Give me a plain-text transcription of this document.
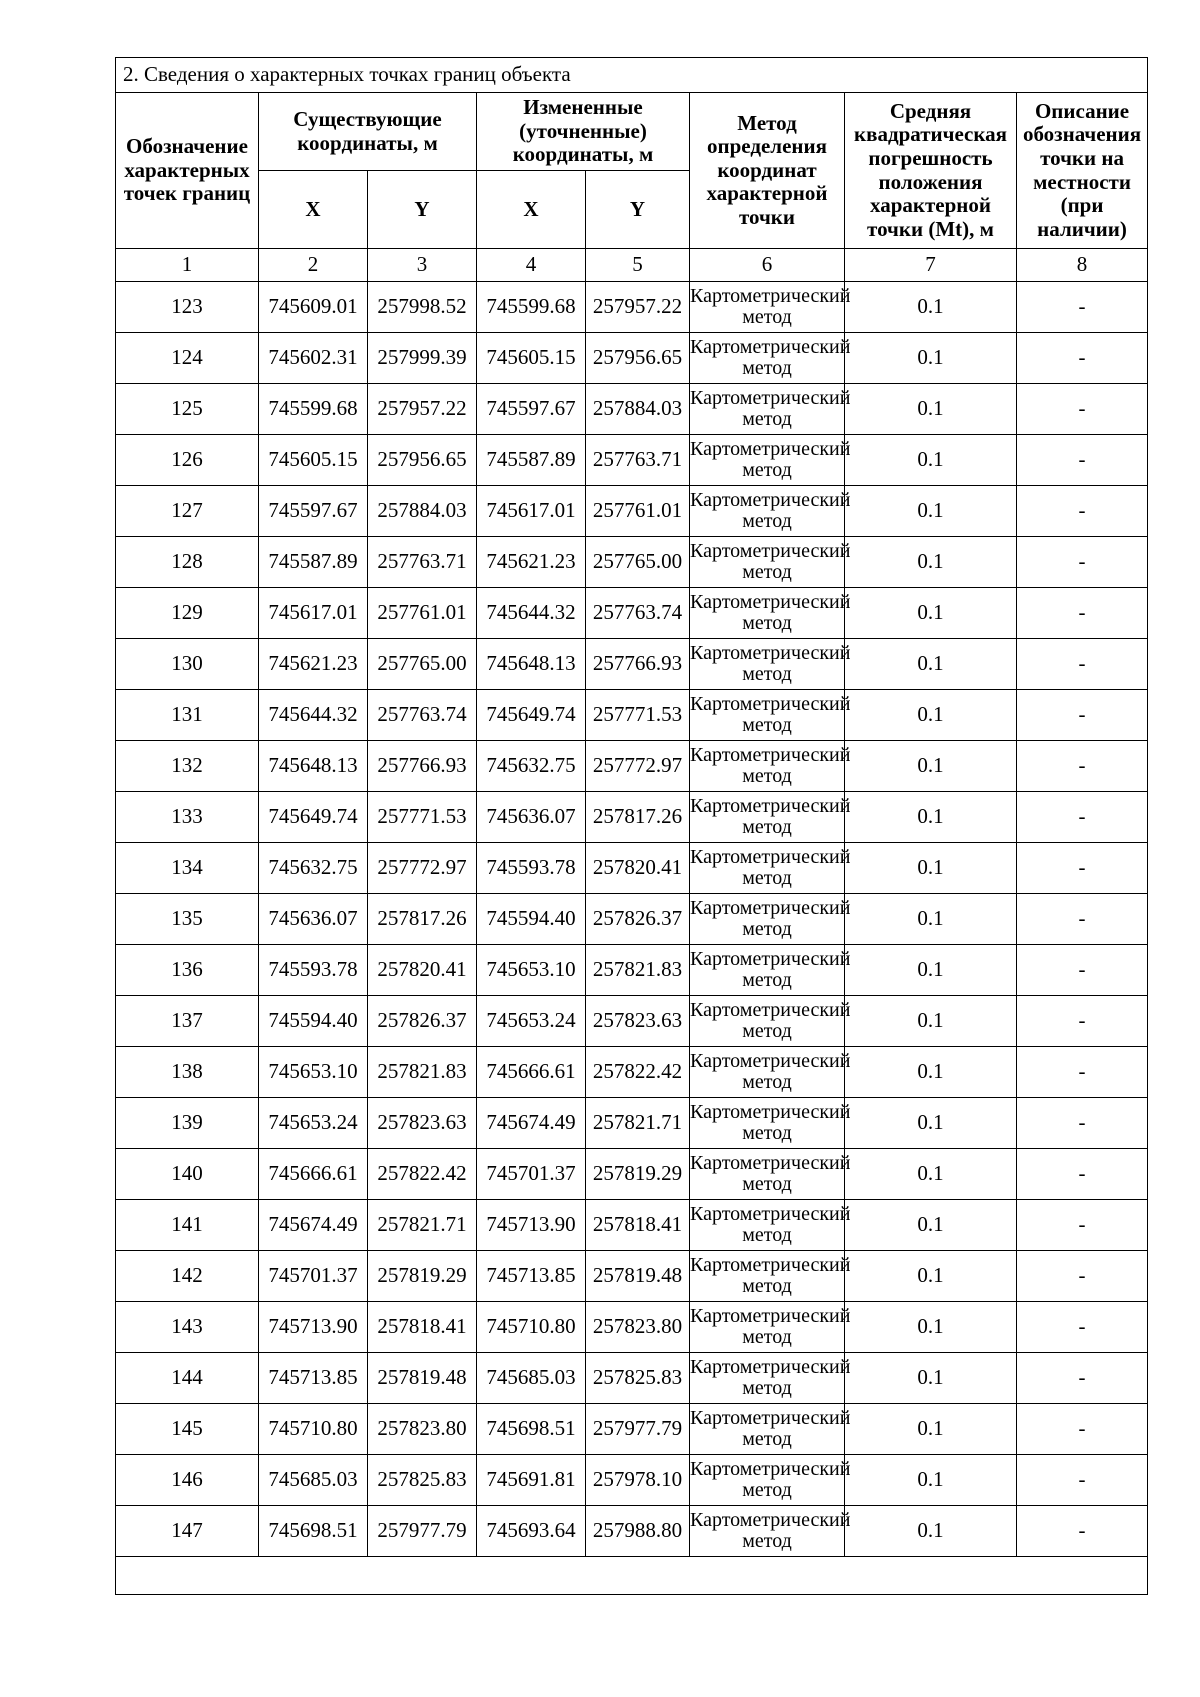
2. Сведения о характерных точках границ объекта							
Обозначение характерных точек границ	Существующие координаты, м		Измененные (уточненные) координаты, м		Метод определения координат характерной точки	Средняя квадратическая погрешность положения характерной точки (Mt), м	Описание обозначения точки на местности (при наличии)
	X	Y	X	Y			
1	2	3	4	5	6	7	8
123	745609.01	257998.52	745599.68	257957.22	Картометрический метод	0.1	-
124	745602.31	257999.39	745605.15	257956.65	Картометрический метод	0.1	-
125	745599.68	257957.22	745597.67	257884.03	Картометрический метод	0.1	-
126	745605.15	257956.65	745587.89	257763.71	Картометрический метод	0.1	-
127	745597.67	257884.03	745617.01	257761.01	Картометрический метод	0.1	-
128	745587.89	257763.71	745621.23	257765.00	Картометрический метод	0.1	-
129	745617.01	257761.01	745644.32	257763.74	Картометрический метод	0.1	-
130	745621.23	257765.00	745648.13	257766.93	Картометрический метод	0.1	-
131	745644.32	257763.74	745649.74	257771.53	Картометрический метод	0.1	-
132	745648.13	257766.93	745632.75	257772.97	Картометрический метод	0.1	-
133	745649.74	257771.53	745636.07	257817.26	Картометрический метод	0.1	-
134	745632.75	257772.97	745593.78	257820.41	Картометрический метод	0.1	-
135	745636.07	257817.26	745594.40	257826.37	Картометрический метод	0.1	-
136	745593.78	257820.41	745653.10	257821.83	Картометрический метод	0.1	-
137	745594.40	257826.37	745653.24	257823.63	Картометрический метод	0.1	-
138	745653.10	257821.83	745666.61	257822.42	Картометрический метод	0.1	-
139	745653.24	257823.63	745674.49	257821.71	Картометрический метод	0.1	-
140	745666.61	257822.42	745701.37	257819.29	Картометрический метод	0.1	-
141	745674.49	257821.71	745713.90	257818.41	Картометрический метод	0.1	-
142	745701.37	257819.29	745713.85	257819.48	Картометрический метод	0.1	-
143	745713.90	257818.41	745710.80	257823.80	Картометрический метод	0.1	-
144	745713.85	257819.48	745685.03	257825.83	Картометрический метод	0.1	-
145	745710.80	257823.80	745698.51	257977.79	Картометрический метод	0.1	-
146	745685.03	257825.83	745691.81	257978.10	Картометрический метод	0.1	-
147	745698.51	257977.79	745693.64	257988.80	Картометрический метод	0.1	-
